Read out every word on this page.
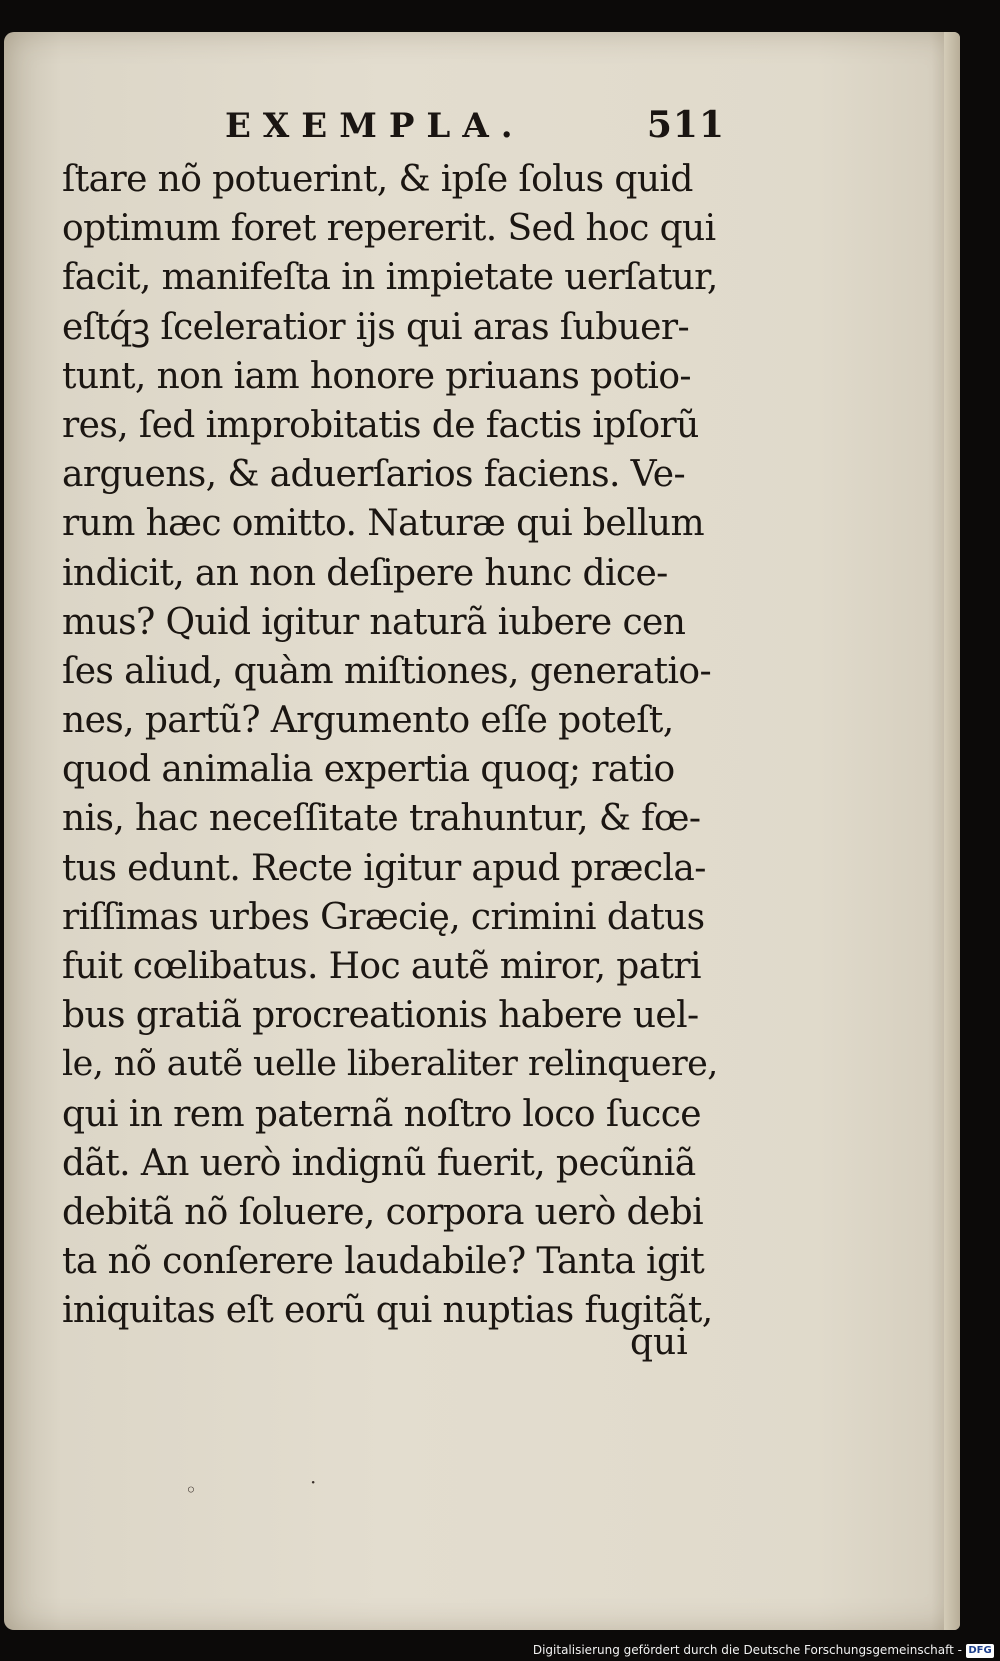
EXEMPLA.	511
ſtare nõ potuerint, & ipſe ſolus quid
optimum foret repererit. Sed hoc qui
facit, manifeſta in impietate uerſatur,
eſtq́ꝫ ſceleratior ijs qui aras ſubuer-
tunt, non iam honore priuans potio-
res, ſed improbitatis de factis ipſorũ
arguens, & aduerſarios faciens. Ve-
rum hæc omitto. Naturæ qui bellum
indicit, an non deſipere hunc dice-
mus? Quid igitur naturã iubere cen
ſes aliud, quàm miſtiones, generatio-
nes, partũ? Argumento eſſe poteſt,
quod animalia expertia quoq; ratio
nis, hac neceſſitate trahuntur, & fœ-
tus edunt. Recte igitur apud præcla-
riſſimas urbes Græcię, crimini datus
fuit cœlibatus. Hoc autẽ miror, patri
bus gratiã procreationis habere uel-
le, nõ autẽ uelle liberaliter relinquere,
qui in rem paternã noſtro loco ſucce
dãt. An uerò indignũ fuerit, pecũniã
debitã nõ ſoluere, corpora uerò debi
ta nõ conſerere laudabile? Tanta igit
iniquitas eſt eorũ qui nuptias fugitãt,
qui
◦	·
Digitalisierung gefördert durch die Deutsche Forschungsgemeinschaft - DFG
